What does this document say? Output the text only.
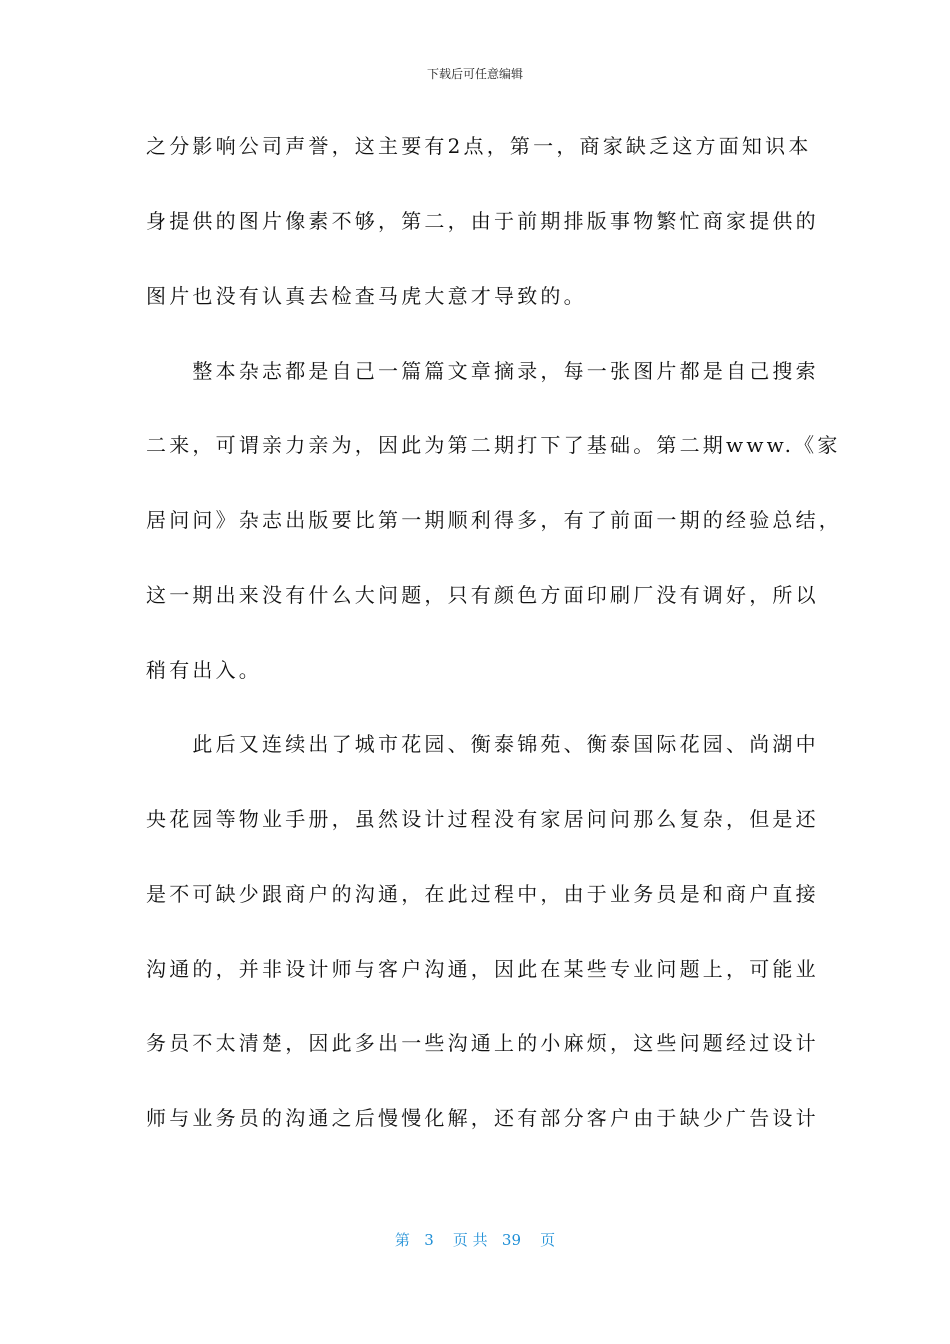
下载后可任意编辑
之分影响公司声誉，这主要有2点，第一，商家缺乏这方面知识本
身提供的图片像素不够，第二，由于前期排版事物繁忙商家提供的
图片也没有认真去检查马虎大意才导致的。
　　整本杂志都是自己一篇篇文章摘录，每一张图片都是自己搜索
二来，可谓亲力亲为，因此为第二期打下了基础。第二期www.《家
居问问》杂志出版要比第一期顺利得多，有了前面一期的经验总结，
这一期出来没有什么大问题，只有颜色方面印刷厂没有调好，所以
稍有出入。
　　此后又连续出了城市花园、衡泰锦苑、衡泰国际花园、尚湖中
央花园等物业手册，虽然设计过程没有家居问问那么复杂，但是还
是不可缺少跟商户的沟通，在此过程中，由于业务员是和商户直接
沟通的，并非设计师与客户沟通，因此在某些专业问题上，可能业
务员不太清楚，因此多出一些沟通上的小麻烦，这些问题经过设计
师与业务员的沟通之后慢慢化解，还有部分客户由于缺少广告设计
第 3 页 共 39 页
